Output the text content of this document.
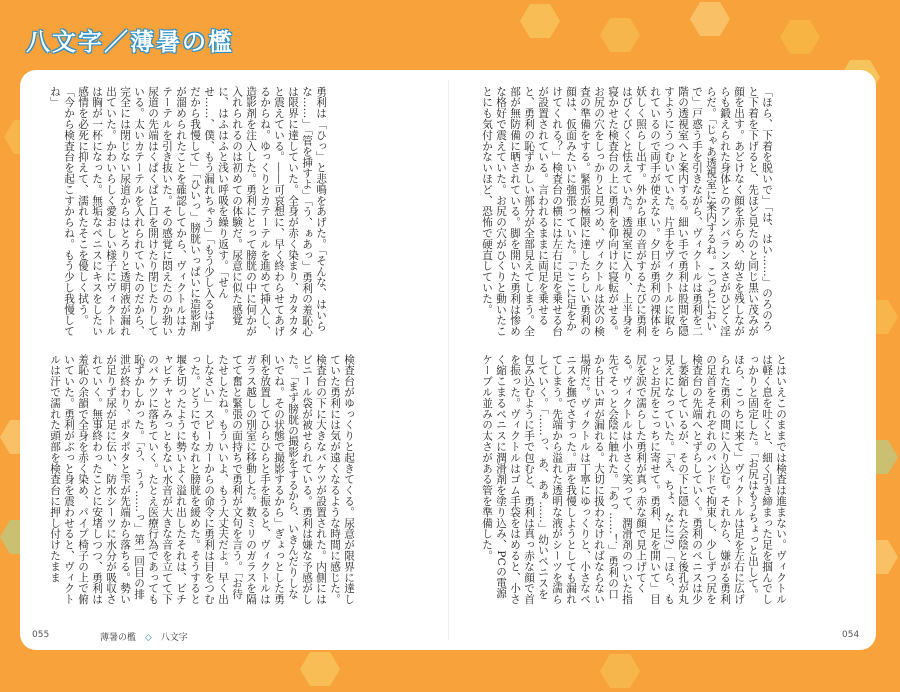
八文字／薄暑の檻

勇利は「ひっ」と悲鳴をあげた。「そんな、はいらな……」「管を挿すよ」「う、ぁあっ」勇利の羞恥心は限界に達していた。全身が赤く染まり、カタカタと震えている。――可哀想に、早く終わらせてあげるからね。ゆっくりとカテーテルを進めて挿入し、造影剤を注入した。勇利にとって膀胱の中に何かが入れられるのは初めての体験だ。尿意に似た感覚に、はふはふと浅い呼吸を繰り返す。「せんせ……、僕、もう漏れちゃう」「もう少し入るはずだから我慢して」「ひいっ」膀胱いっぱいに造影剤が溜められたことを確認してから、ヴィクトルはカテーテルを引き抜いた。その感覚に悶えたのか勃い尿道の先端はくぱくぱと口を開けたり閉じたりしている。太いカテーテルを入れられていたのだから、完全には閉じない尿道からはとろりと透明液が漏れ出ていた。かわいらしく愛おしい様子にヴィクトルは胸が一杯になった。無垢なペニスにキスをしたい感情を必死に抑えて、濡れたそこを優しく拭う。「今から検査台を起こすからね。もう少し我慢してね」

検査台がゆっくりと起きてくる。尿意が限界に達していた勇利には気が遠くなるような時間に感じた。検査台の下に大きなバケツが設置された。内側にはビニール袋が被せられている。勇利は嫌な予感がした。「まず膀胱の撮影をするから、いきんだりしないでね。その状態で撮影するから」ぎょっとした勇利を放置してひらひらと手を振ると、ヴィクトルはガラス越しの別室に移動した。数ミリのガラスを隔てて奮と緊張の面持ちで勇利が文句を言う。「お待たせしたね。もういいよ、もう大丈夫だよ。早く出しなさい」スピーカーからの命令に勇利は目をつむった。どうにでもなれと膀胱を緩めた。そうすると堰を切ったように勢いよく溢れ出したそれは、ビチャビチャとみっともない水音が大きな音を立てて下のバケツに落ちていく。たとえ医療行為であっても恥ずかしかった。「う、うぅ……っ」第一回目の排泄が終わり、ポタポタと雫が先端から落ちる。勢いが足りず尿が足に伝い、防水シーツに水分が吸収されていく。無事終わったことに安堵しつつ、勇利は羞恥の余韻で全身を赤く染め、パイプ椅子の上で俯いていた。勇利がぶっと身を震わせると、ヴィクトルは汗で濡れた頭部を検査台に押し付けたまま

「ほら、下着を脱いで」「は、はい……」のろのろと下着を下げると、先ほど見たのと同じ黒い茂みが顔を出す。あどけなく顔を赤らめ、幼さを残しながらも鍛えられた身体とのアンバランスさがひどく淫らだ。「じゃあ透視室に案内するね。こっちにおいで」戸惑う手を引きながら、ヴィクトルは勇利を二階の透視室へと案内する。細い手で勇利は股間を隠すようにうつむいていた。片手をヴィクトルに取られているので両手が使えない。夕日が勇利の裸体を妖しく照らし出す。外から車の音がするたびに勇利はびくびくと怯えていた。透視室に入り、上半身を寝かせた検査台の上に勇利を仰向けに寝転がせる。お尻の穴をしっかりと見つめ、ヴィクトルは次の検査の準備をする。緊張が極限に達したらしい勇利の顔は、仮面みたいに強張っていた。「ここに足をかけてくれる？」検査台の横には左右に足を乗せる台が設置されている。言われるままに両足を乗せると、勇利の恥ずかしい部分が全部見えてしまう。全部が無防備に晒されている。脚を開いた勇利は惨めな格好で震えていた。お尻の穴がひくりと動いたことにも気付かないほど、恐怖で硬直していた。

とはいえこのままでは検査は進まない。ヴィクトルは軽く息を吐くと、細く引き締まった足を掴んでしっかりと固定した。「お尻はもうちょっと出して。ほら、こっちに来て」ヴィクトルは足を左右に広げられた勇利の間に入り込む。それから、嫌がる勇利の足首をそれぞれのバンドで拘束し、少しずつ尻を検査台の先端へとずらしていく。勇利のペニスは少し萎縮しているが、その下に隠れた会陰と後孔が丸見えになっていた。「え、ちょ、なに!?」「ほら、もっとお尻をこっちに寄せて。勇利、足を開いて」目尻を涙で濡らした勇利が真っ赤な顔で見上げてくる。ヴィクトルは小さく笑って、潤滑剤のついた指先でそっと会陰に触れた。「あっ……！」勇利の口から甘い声が漏れる。大切に扱わなければならない場所だ。ヴィクトルは丁寧にゆっくりと、小さなペニスを撫でさすった。声を我慢しようとしても漏れてしまう。先端から溢れた透明な液がシーツを濡らしていく。「……っ、あ、あぁ……」幼いペニスを包み込むように手で包むと、勇利は真っ赤な顔で首を振った。ヴィクトルはゴム手袋をはめると、小さく縮こまるペニスに潤滑剤を塗り込み、PCの電源ケーブル並みの太さがある管を準備した。

055	薄暑の檻 ◇ 八文字	054
